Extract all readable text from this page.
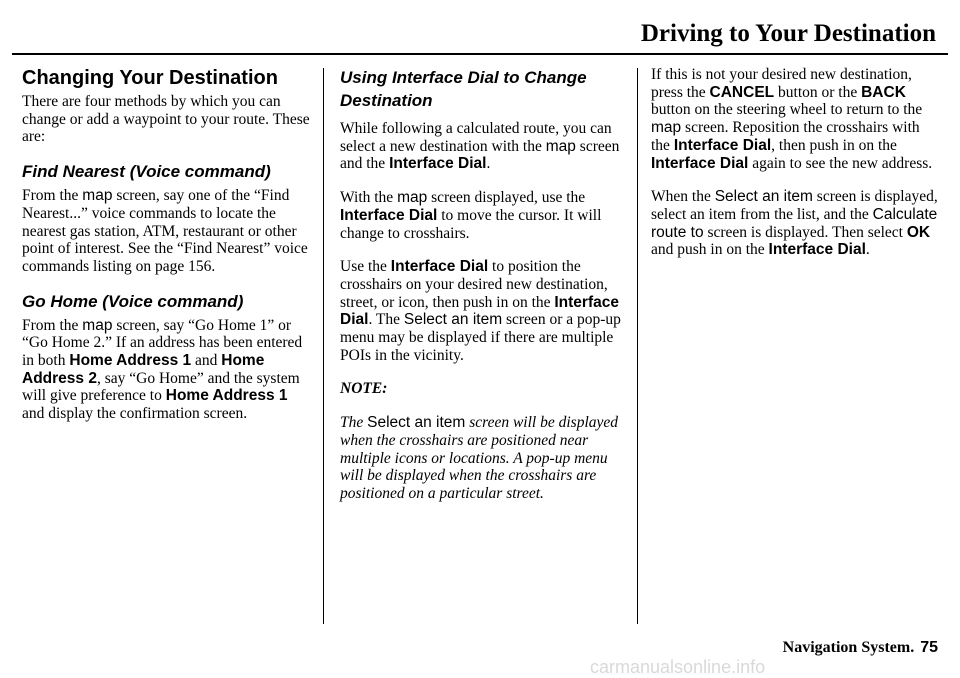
Driving to Your Destination
Changing Your Destination

There are four methods by which you can change or add a waypoint to your route. These are:

Find Nearest (Voice command)

From the map screen, say one of the “Find Nearest...” voice commands to locate the nearest gas station, ATM, restaurant or other point of interest. See the “Find Nearest” voice commands listing on page 156.

Go Home (Voice command)

From the map screen, say “Go Home 1” or “Go Home 2.” If an address has been entered in both Home Address 1 and Home Address 2, say “Go Home” and the system will give preference to Home Address 1 and display the confirmation screen.

Using Interface Dial to Change Destination

While following a calculated route, you can select a new destination with the map screen and the Interface Dial.

With the map screen displayed, use the Interface Dial to move the cursor. It will change to crosshairs.

Use the Interface Dial to position the crosshairs on your desired new destination, street, or icon, then push in on the Interface Dial. The Select an item screen or a pop-up menu may be displayed if there are multiple POIs in the vicinity.

NOTE:

The Select an item screen will be displayed when the crosshairs are positioned near multiple icons or locations. A pop-up menu will be displayed when the crosshairs are positioned on a particular street.

If this is not your desired new destination, press the CANCEL button or the BACK button on the steering wheel to return to the map screen. Reposition the crosshairs with the Interface Dial, then push in on the Interface Dial again to see the new address.

When the Select an item screen is displayed, select an item from the list, and the Calculate route to screen is displayed. Then select OK and push in on the Interface Dial.

Navigation System. 75
carmanualsonline.info
